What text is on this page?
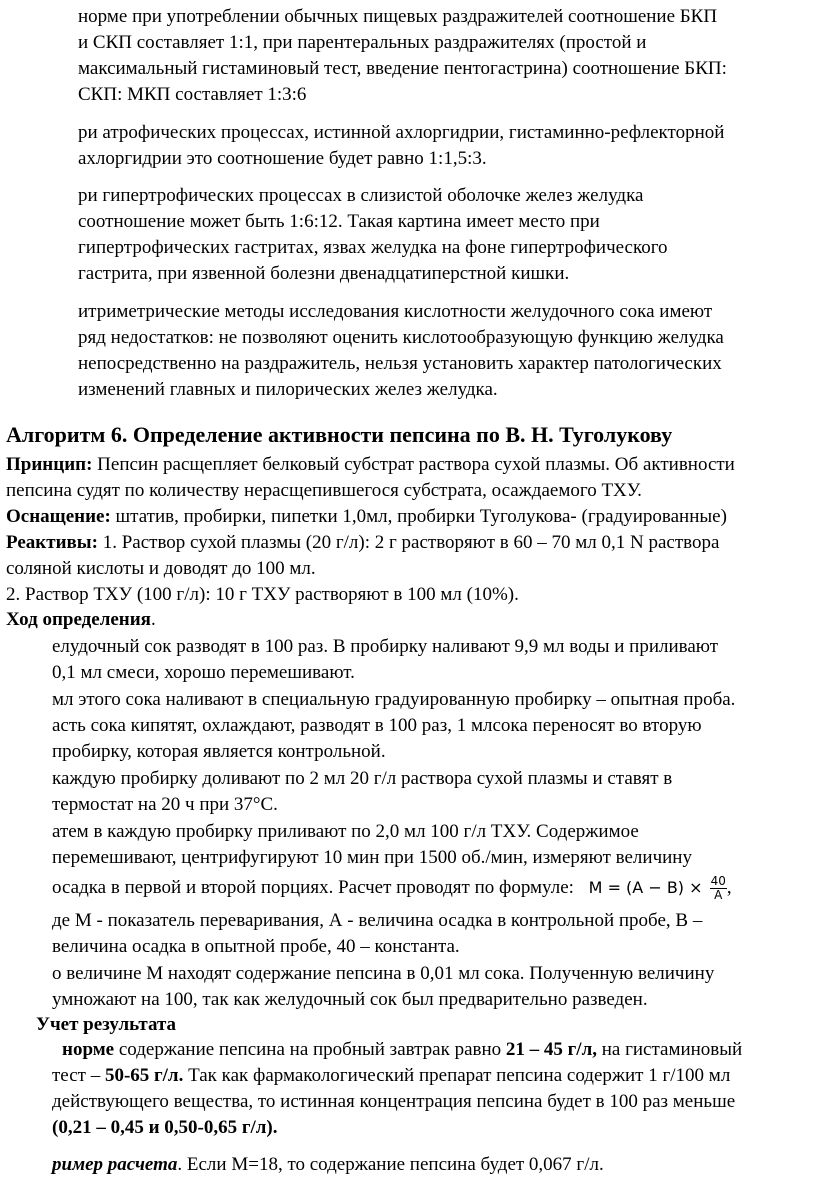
норме при употреблении обычных пищевых раздражителей соотношение БКП
и СКП составляет 1:1, при парентеральных раздражителях (простой и
максимальный гистаминовый тест, введение пентогастрина) соотношение БКП:
СКП: МКП составляет 1:3:6
ри атрофических процессах, истинной ахлоргидрии, гистаминно-рефлекторной
ахлоргидрии это соотношение будет равно 1:1,5:3.
ри гипертрофических процессах в слизистой оболочке желез желудка
соотношение может быть 1:6:12. Такая картина имеет место при
гипертрофических гастритах, язвах желудка на фоне гипертрофического
гастрита, при язвенной болезни двенадцатиперстной кишки.
итриметрические методы исследования кислотности желудочного сока имеют
ряд недостатков: не позволяют оценить кислотообразующую функцию желудка
непосредственно на раздражитель, нельзя установить характер патологических
изменений главных и пилорических желез желудка.
Алгоритм 6. Определение активности пепсина по В. Н. Туголукову
Принцип: Пепсин расщепляет белковый субстрат раствора сухой плазмы. Об активности
пепсина судят по количеству нерасщепившегося субстрата, осаждаемого ТХУ.
Оснащение: штатив, пробирки, пипетки 1,0мл, пробирки Туголукова- (градуированные)
Реактивы: 1. Раствор сухой плазмы (20 г/л): 2 г растворяют в 60 – 70 мл 0,1 N раствора
соляной кислоты и доводят до 100 мл.
2. Раствор ТХУ (100 г/л): 10 г ТХУ растворяют в 100 мл (10%).
Ход определения.
елудочный сок разводят в 100 раз. В пробирку наливают 9,9 мл воды и приливают
0,1 мл смеси, хорошо перемешивают.
мл этого сока наливают в специальную градуированную пробирку – опытная проба.
асть сока кипятят, охлаждают, разводят в 100 раз, 1 млсока переносят во вторую
пробирку, которая является контрольной.
каждую пробирку доливают по 2 мл 20 г/л раствора сухой плазмы и ставят в
термостат на 20 ч при 37°С.
атем в каждую пробирку приливают по 2,0 мл 100 г/л ТХУ. Содержимое
перемешивают, центрифугируют 10 мин при 1500 об./мин, измеряют величину
осадка в первой и второй порциях. Расчет проводят по формуле: $M = (A - B) \times \frac{40}{A}$ ,
де М - показатель переваривания, А - величина осадка в контрольной пробе, В –
величина осадка в опытной пробе, 40 – константа.
о величине М находят содержание пепсина в 0,01 мл сока. Полученную величину
умножают на 100, так как желудочный сок был предварительно разведен.
Учет результата
норме содержание пепсина на пробный завтрак равно 21 – 45 г/л, на гистаминовый
тест – 50-65 г/л. Так как фармакологический препарат пепсина содержит 1 г/100 мл
действующего вещества, то истинная концентрация пепсина будет в 100 раз меньше
(0,21 – 0,45 и 0,50-0,65 г/л).
ример расчета. Если М=18, то содержание пепсина будет 0,067 г/л.
